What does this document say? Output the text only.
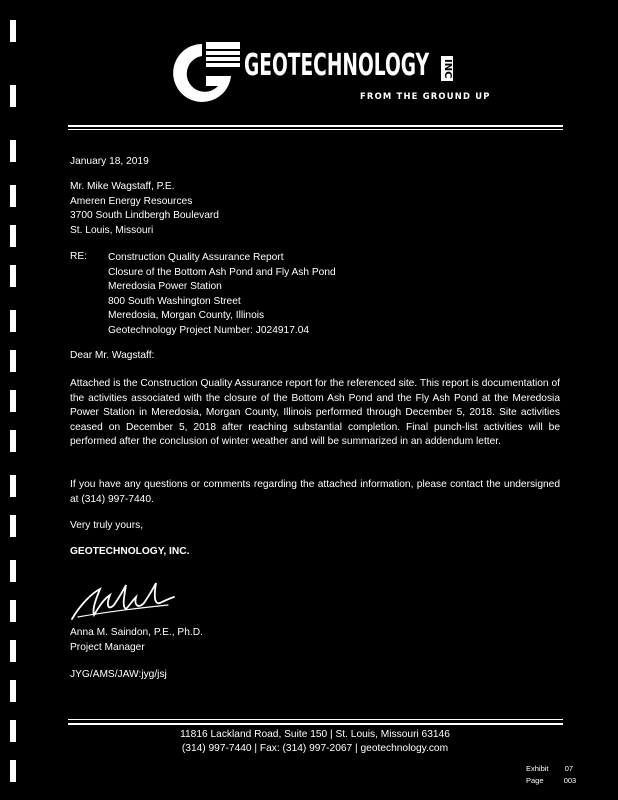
GEOTECHNOLOGY INC
FROM THE GROUND UP
January 18, 2019
Mr. Mike Wagstaff, P.E.
Ameren Energy Resources
3700 South Lindbergh Boulevard
St. Louis, Missouri
RE: Construction Quality Assurance Report
Closure of the Bottom Ash Pond and Fly Ash Pond
Meredosia Power Station
800 South Washington Street
Meredosia, Morgan County, Illinois
Geotechnology Project Number: J024917.04
Dear Mr. Wagstaff:
Attached is the Construction Quality Assurance report for the referenced site. This report is documentation of the activities associated with the closure of the Bottom Ash Pond and the Fly Ash Pond at the Meredosia Power Station in Meredosia, Morgan County, Illinois performed through December 5, 2018. Site activities ceased on December 5, 2018 after reaching substantial completion. Final punch-list activities will be performed after the conclusion of winter weather and will be summarized in an addendum letter.
If you have any questions or comments regarding the attached information, please contact the undersigned at (314) 997-7440.
Very truly yours,
GEOTECHNOLOGY, INC.
Anna M. Saindon, P.E., Ph.D.
Project Manager
JYG/AMS/JAW:jyg/jsj
11816 Lackland Road, Suite 150 | St. Louis, Missouri 63146
(314) 997-7440 | Fax: (314) 997-2067 | geotechnology.com
Exhibit 07
Page	003
